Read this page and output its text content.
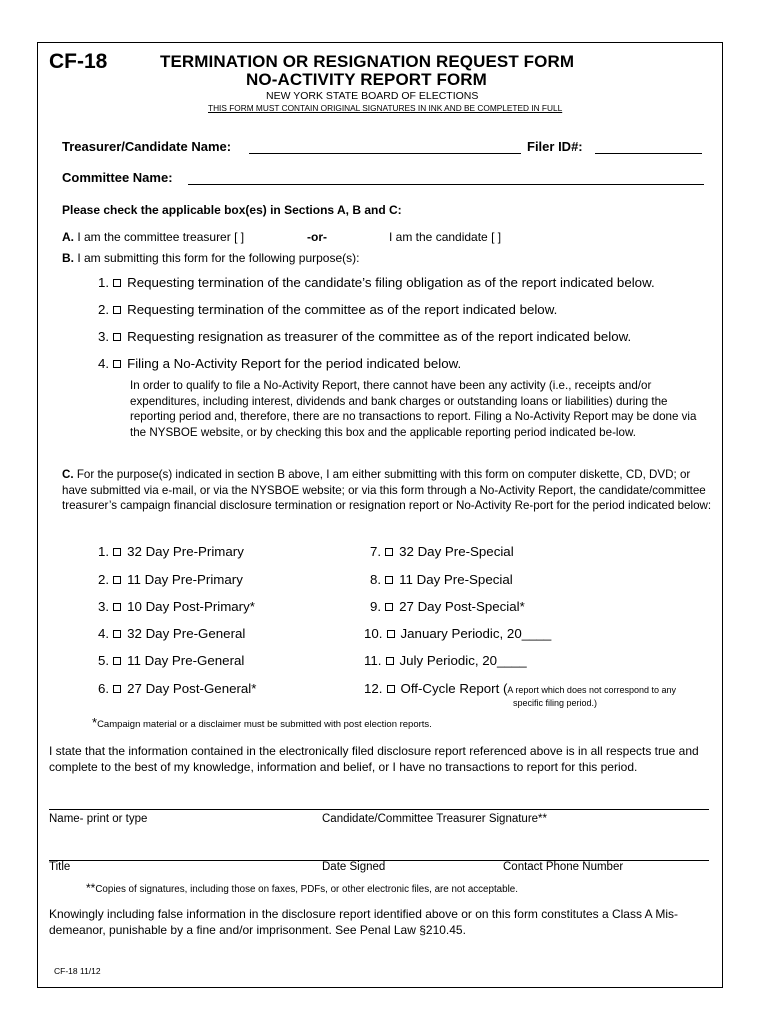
CF-18	TERMINATION OR RESIGNATION REQUEST FORM
NO-ACTIVITY REPORT FORM
NEW YORK STATE BOARD OF ELECTIONS
THIS FORM MUST CONTAIN ORIGINAL SIGNATURES IN INK AND BE COMPLETED IN FULL
Treasurer/Candidate Name:	Filer ID#:
Committee Name:
Please check the applicable box(es) in Sections A, B and C:
A. I am the committee treasurer [ ]	-or-	I am the candidate [ ]
B. I am submitting this form for the following purpose(s):
1. Requesting termination of the candidate’s filing obligation as of the report indicated below.
2. Requesting termination of the committee as of the report indicated below.
3. Requesting resignation as treasurer of the committee as of the report indicated below.
4. Filing a No-Activity Report for the period indicated below.
In order to qualify to file a No-Activity Report, there cannot have been any activity (i.e., receipts and/or expenditures, including interest, dividends and bank charges or outstanding loans or liabilities) during the reporting period and, therefore, there are no transactions to report. Filing a No-Activity Report may be done via the NYSBOE website, or by checking this box and the applicable reporting period indicated be-low.
C. For the purpose(s) indicated in section B above, I am either submitting with this form on computer diskette, CD, DVD; or have submitted via e-mail, or via the NYSBOE website; or via this form through a No-Activity Report, the candidate/committee treasurer’s campaign financial disclosure termination or resignation report or No-Activity Re-port for the period indicated below:
1. 32 Day Pre-Primary
2. 11 Day Pre-Primary
3. 10 Day Post-Primary*
4. 32 Day Pre-General
5. 11 Day Pre-General
6. 27 Day Post-General*
7. 32 Day Pre-Special
8. 11 Day Pre-Special
9. 27 Day Post-Special*
10. January Periodic, 20____
11. July Periodic, 20____
12. Off-Cycle Report (A report which does not correspond to any
specific filing period.)
*Campaign material or a disclaimer must be submitted with post election reports.
I state that the information contained in the electronically filed disclosure report referenced above is in all respects true and complete to the best of my knowledge, information and belief, or I have no transactions to report for this period.
Name- print or type	Candidate/Committee Treasurer Signature**
Title	Date Signed	Contact Phone Number
**Copies of signatures, including those on faxes, PDFs, or other electronic files, are not acceptable.
Knowingly including false information in the disclosure report identified above or on this form constitutes a Class A Mis-demeanor, punishable by a fine and/or imprisonment. See Penal Law §210.45.
CF-18 11/12
